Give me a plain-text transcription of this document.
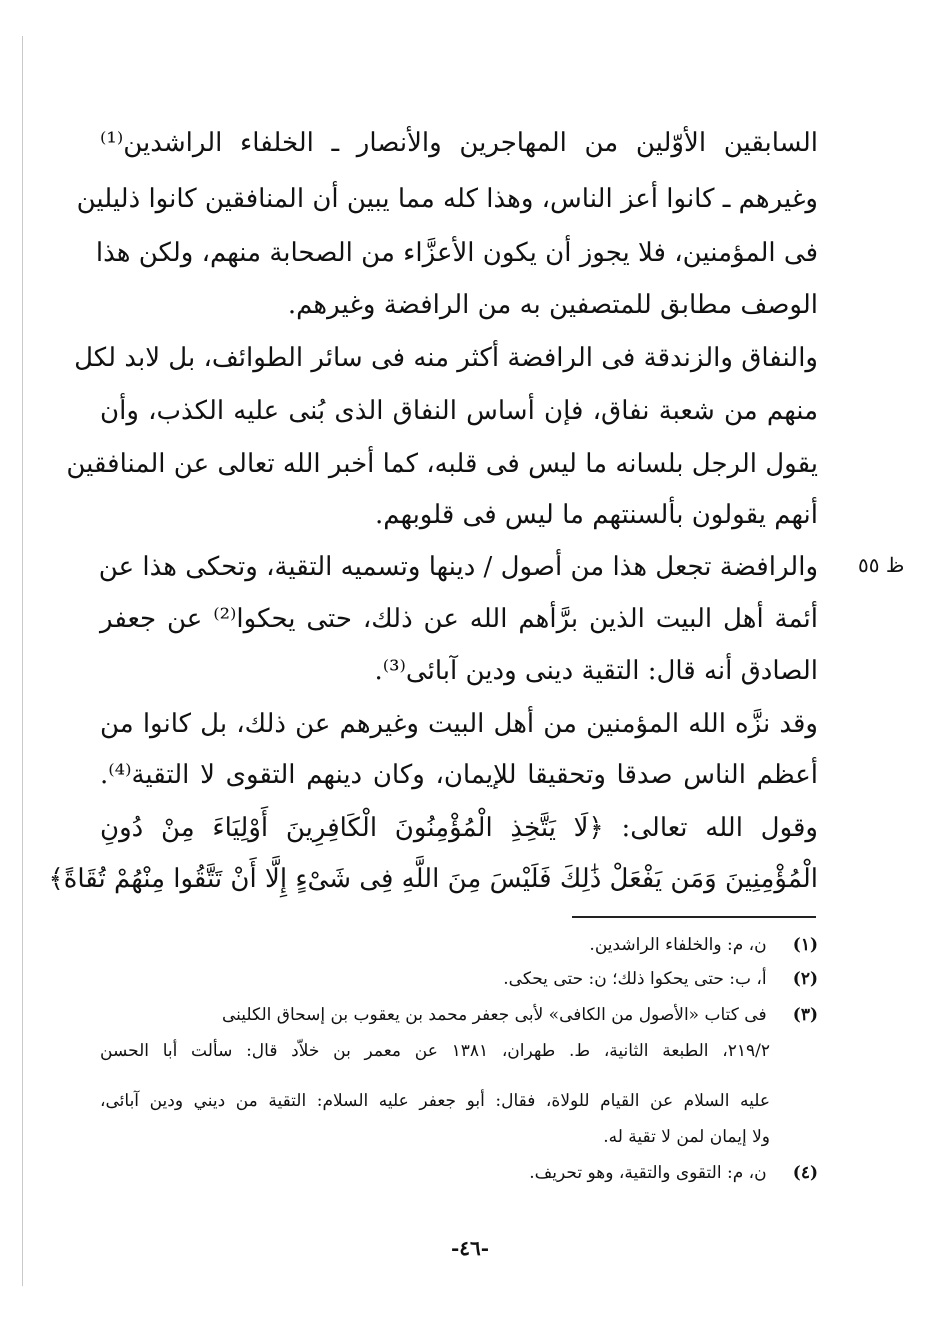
السابقين الأوّلين من المهاجرين والأنصار ـ الخلفاء الراشدين⁽¹⁾
وغيرهم ـ كانوا أعز الناس، وهذا كله مما يبين أن المنافقين كانوا ذليلين
فى المؤمنين، فلا يجوز أن يكون الأعزَّاء من الصحابة منهم، ولكن هذا
الوصف مطابق للمتصفين به من الرافضة وغيرهم.
والنفاق والزندقة فى الرافضة أكثر منه فى سائر الطوائف، بل لابد لكل
منهم من شعبة نفاق، فإن أساس النفاق الذى بُنى عليه الكذب، وأن
يقول الرجل بلسانه ما ليس فى قلبه، كما أخبر الله تعالى عن المنافقين
أنهم يقولون بألسنتهم ما ليس فى قلوبهم.
والرافضة تجعل هذا من أصول / دينها وتسميه التقية، وتحكى هذا عن
أئمة أهل البيت الذين برَّأهم الله عن ذلك، حتى يحكوا⁽²⁾ عن جعفر
الصادق أنه قال: التقية دينى ودين آبائى⁽³⁾.
وقد نزَّه الله المؤمنين من أهل البيت وغيرهم عن ذلك، بل كانوا من
أعظم الناس صدقا وتحقيقا للإيمان، وكان دينهم التقوى لا التقية⁽⁴⁾.
وقول الله تعالى: ﴿لَا يَتَّخِذِ الْمُؤْمِنُونَ الْكَافِرِينَ أَوْلِيَاءَ مِنْ دُونِ
الْمُؤْمِنِينَ وَمَن يَفْعَلْ ذَٰلِكَ فَلَيْسَ مِنَ اللَّهِ فِى شَىْءٍ إِلَّا أَنْ تَتَّقُوا مِنْهُمْ تُقَاةً﴾
ظ ٥٥
(١) ن، م: والخلفاء الراشدين.
(٢) أ، ب: حتى يحكوا ذلك؛ ن: حتى يحكى.
(٣) فى كتاب «الأصول من الكافى» لأبى جعفر محمد بن يعقوب بن إسحاق الكلينى
٢١٩/٢، الطبعة الثانية، ط. طهران، ١٣٨١ عن معمر بن خلاّد قال: سألت أبا الحسن
عليه السلام عن القيام للولاة، فقال: أبو جعفر عليه السلام: التقية من ديني ودين آبائى،
ولا إيمان لمن لا تقية له.
(٤) ن، م: التقوى والتقية، وهو تحريف.
-٤٦-
